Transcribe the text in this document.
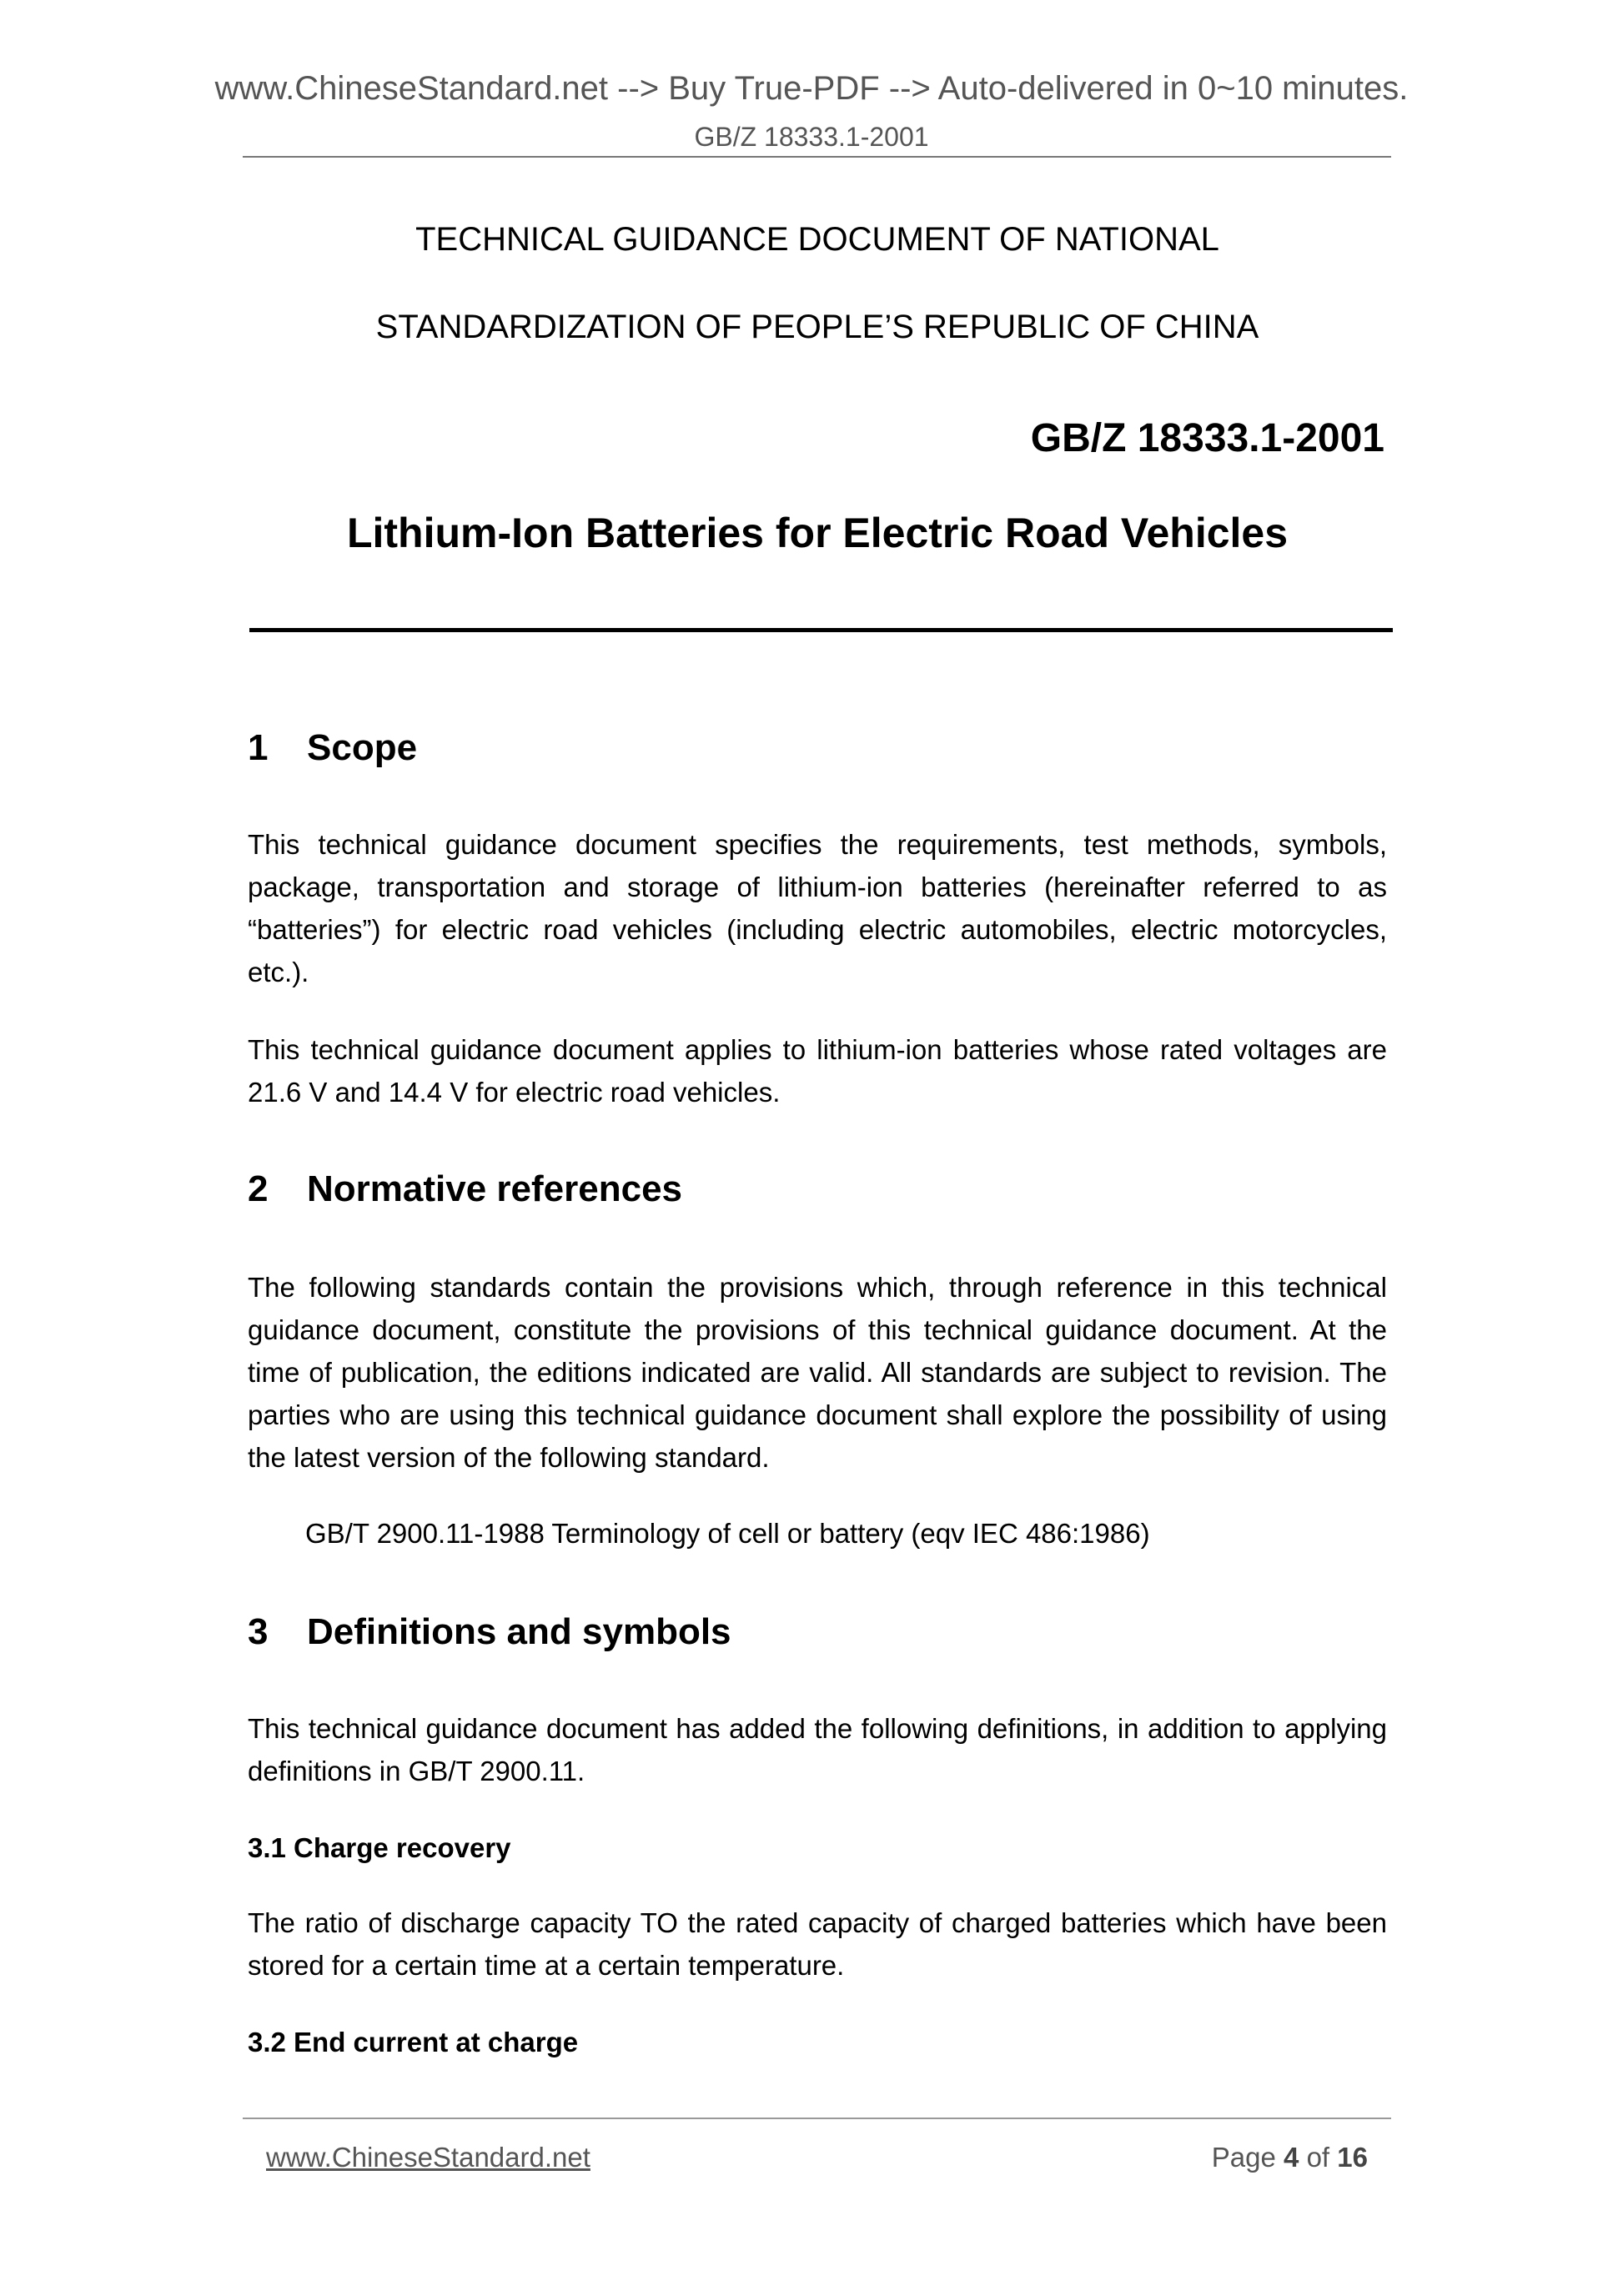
www.ChineseStandard.net --> Buy True-PDF --> Auto-delivered in 0~10 minutes.
GB/Z 18333.1-2001
TECHNICAL GUIDANCE DOCUMENT OF NATIONAL
STANDARDIZATION OF PEOPLE’S REPUBLIC OF CHINA
GB/Z 18333.1-2001
Lithium-Ion Batteries for Electric Road Vehicles
1 Scope

This technical guidance document specifies the requirements, test methods, symbols, package, transportation and storage of lithium-ion batteries (hereinafter referred to as “batteries”) for electric road vehicles (including electric automobiles, electric motorcycles, etc.).

This technical guidance document applies to lithium-ion batteries whose rated voltages are 21.6 V and 14.4 V for electric road vehicles.

2 Normative references

The following standards contain the provisions which, through reference in this technical guidance document, constitute the provisions of this technical guidance document. At the time of publication, the editions indicated are valid. All standards are subject to revision. The parties who are using this technical guidance document shall explore the possibility of using the latest version of the following standard.

GB/T 2900.11-1988 Terminology of cell or battery (eqv IEC 486:1986)
3 Definitions and symbols

This technical guidance document has added the following definitions, in addition to applying definitions in GB/T 2900.11.

3.1 Charge recovery

The ratio of discharge capacity TO the rated capacity of charged batteries which have been stored for a certain time at a certain temperature.

3.2 End current at charge
www.ChineseStandard.net	Page 4 of 16
